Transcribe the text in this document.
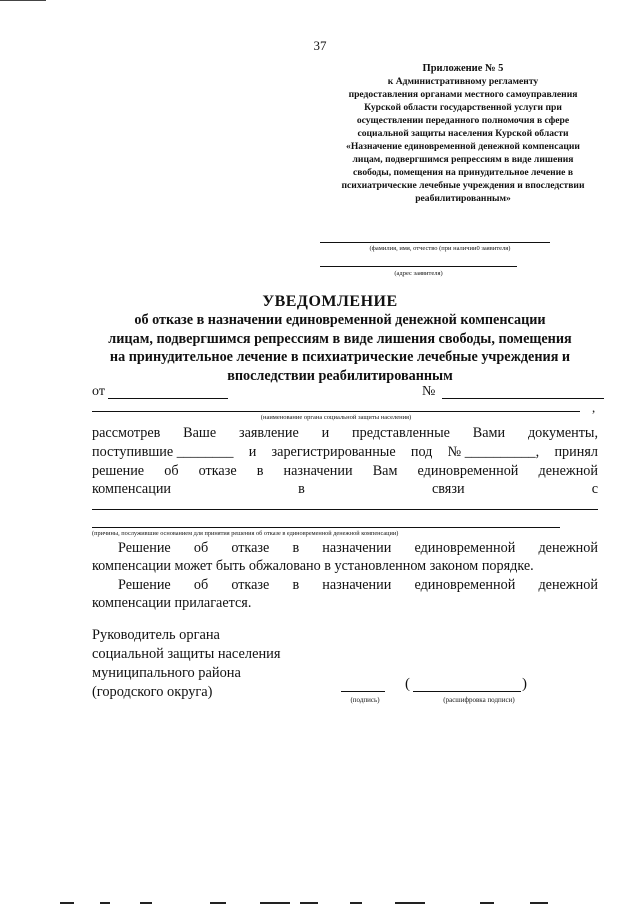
37
Приложение № 5
к Административному регламенту
предоставления органами местного самоуправления
Курской области государственной услуги при
осуществлении переданного полномочия в сфере
социальной защиты населения Курской области
«Назначение единовременной денежной компенсации
лицам, подвергшимся репрессиям в виде лишения
свободы, помещения на принудительное лечение в
психиатрические лечебные учреждения и впоследствии
реабилитированным»
(фамилия, имя, отчество (при наличии0 заявителя)
(адрес заявителя)
УВЕДОМЛЕНИЕ
об отказе в назначении единовременной денежной компенсации
лицам, подвергшимся репрессиям в виде лишения свободы, помещения
на принудительное лечение в психиатрические лечебные учреждения и
впоследствии реабилитированным
от	№
,
(наименование органа социальной защиты населения)
рассмотрев Ваше заявление и представленные Вами документы,
поступившие ________ и зарегистрированные под № __________, принял
решение об отказе в назначении Вам единовременной денежной
компенсации	в	связи	с
(причины, послужившие основанием для принятия решения об отказе в единовременной денежной компенсации)
Решение об отказе в назначении единовременной денежной
компенсации может быть обжаловано в установленном законом порядке.
Решение об отказе в назначении единовременной денежной
компенсации прилагается.
Руководитель органа
социальной защиты населения
муниципального района
(городского округа)	(подпись)
(	)
(расшифровка подписи)
